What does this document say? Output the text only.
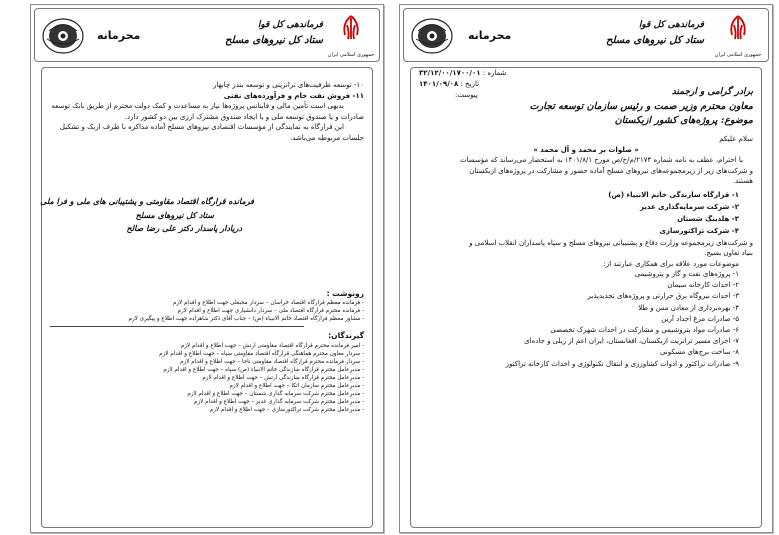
محرمانه
فرماندهی کل قوا
ستاد کل نیروهای مسلح
جمهوری اسلامی ایران
۱۰- توسعه ظرفیت‌های ترانزیتی و توسعه بندر چابهار
۱۱- فروش نفت خام و فرآورده‌های نفتی
بدیهی است تأمین مالی و فاینانس پروژه‌ها نیاز به مساعدت و کمک دولت محترم از طریق بانک توسعه
صادرات و یا صندوق توسعه ملی و یا ایجاد صندوق مشترک ارزی بین دو کشور دارد.
این قرارگاه به نمایندگی از مؤسسات اقتصادی نیروهای مسلح آماده مذاکره با طرف ازبک و تشکیل
جلسات مربوطه می‌باشد.
فرمانده قرارگاه اقتصاد مقاومتی و پشتیبانی های ملی و فرا ملی
ستاد کل نیروهای مسلح
دریادار پاسدار دکتر علی رضا صالح
رونوشت :
- فرمانده معظم قرارگاه اقتصاد خراسان – سردار محبعلی جهت اطلاع و اقدام لازم
- فرمانده محترم قرارگاه اقتصاد ملی – سردار دانشیاری جهت اطلاع و اقدام لازم
- مشاور معظم قرارگاه اقتصاد خاتم الانبیاء (ص) – جناب آقای دکتر شاهزاده جهت اطلاع و پیگیری لازم
گیرندگان:
- امیر فرمانده محترم قرارگاه اقتصاد مقاومتی ارتش – جهت اطلاع و اقدام لازم
- سردار معاون محترم هماهنگی قرارگاه اقتصاد مقاومتی سپاه – جهت اطلاع و اقدام لازم
- سردار فرمانده محترم قرارگاه اقتصاد مقاومتی ناجا – جهت اطلاع و اقدام لازم
- مدیرعامل محترم قرارگاه سازندگی خاتم الانبیاء (ص) سپاه – جهت اطلاع و اقدام لازم
- مدیرعامل محترم قرارگاه سازندگی ارتش – جهت اطلاع و اقدام لازم
- مدیرعامل محترم سازمان اتکا – جهت اطلاع و اقدام لازم
- مدیرعامل محترم شرکت سرمایه گذاری شستان – جهت اطلاع و اقدام لازم
- مدیرعامل محترم شرکت سرمایه گذاری غدیر – جهت اطلاع و اقدام لازم
- مدیرعامل محترم شرکت تراکتورسازی – جهت اطلاع و اقدام لازم
محرمانه
فرماندهی کل قوا
ستاد کل نیروهای مسلح
جمهوری اسلامی ایران
شماره : ۳۲/۱۲/۰۰/۱۷۰۰/۰۱
تاریخ : ۱۴۰۱/۰۹/۰۸
پیوست:	برادر گرامی و ارجمند
معاون محترم وزیر صمت و رئیس سازمان توسعه تجارت
موضوع: پروژه‌های کشور ازبکستان
سلام علیکم
« صلوات بر محمد و آل محمد »
با احترام، عطف به نامه شماره ۲۱۷۴/م/خ/ص مورخ ۱۴۰۱/۸/۱ به استحضار می‌رساند که مؤسسات
و شرکت‌های زیر از زیرمجموعه‌های نیروهای مسلح آماده حضور و مشارکت در پروژه‌های ازبکستان
هستند.
۱- قرارگاه سازندگی خاتم الانبیاء (ص)
۲- شرکت سرمایه‌گذاری غدیر
۳- هلدینگ شستان
۴- شرکت تراکتورسازی
و شرکت‌های زیرمجموعه وزارت دفاع و پشتیبانی نیروهای مسلح و سپاه پاسداران انقلاب اسلامی و
بنیاد تعاون بسیج.
موضوعات مورد علاقه برای همکاری عبارتند از:
۱- پروژه‌های نفت و گاز و پتروشیمی
۲- احداث کارخانه سیمان
۳- احداث نیروگاه برق حرارتی و پروژه‌های تجدیدپذیر
۴- بهره‌برداری از معادن مس و طلا
۵- صادرات مرغ اجداد آرین
۶- صادرات مواد پتروشیمی و مشارکت در احداث شهرک تخصصی
۷- اجرای مسیر ترانزیت ازبکستان، افغانستان، ایران اعم از ریلی و جاده‌ای
۸- ساخت برج‌های مسکونی
۹- صادرات تراکتور و ادوات کشاورزی و انتقال تکنولوژی و احداث کارخانه تراکتور
